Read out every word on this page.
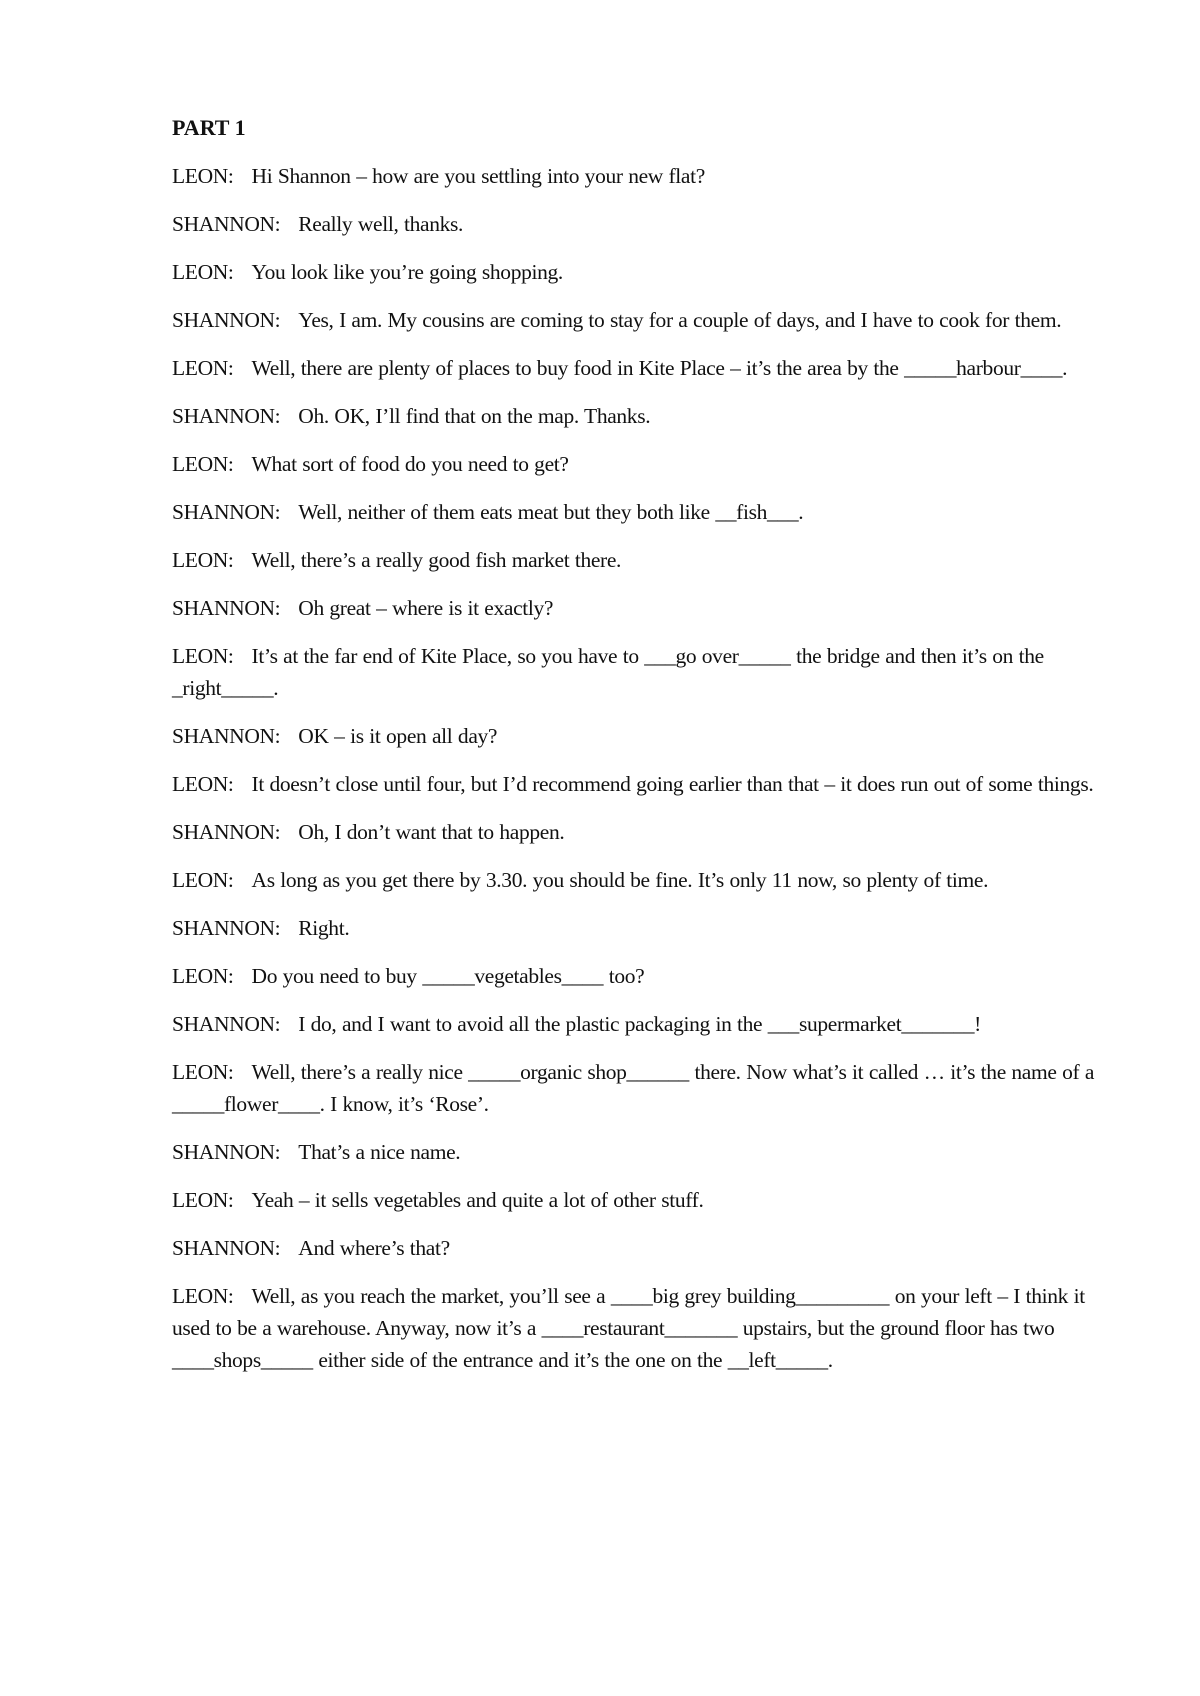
PART 1

LEON: Hi Shannon – how are you settling into your new flat?

SHANNON: Really well, thanks.

LEON: You look like you’re going shopping.

SHANNON: Yes, I am. My cousins are coming to stay for a couple of days, and I have to cook for them.

LEON: Well, there are plenty of places to buy food in Kite Place – it’s the area by the _____harbour____.

SHANNON: Oh. OK, I’ll find that on the map. Thanks.

LEON: What sort of food do you need to get?

SHANNON: Well, neither of them eats meat but they both like __fish___.

LEON: Well, there’s a really good fish market there.

SHANNON: Oh great – where is it exactly?

LEON: It’s at the far end of Kite Place, so you have to ___go over_____ the bridge and then it’s on the _right_____.

SHANNON: OK – is it open all day?

LEON: It doesn’t close until four, but I’d recommend going earlier than that – it does run out of some things.

SHANNON: Oh, I don’t want that to happen.

LEON: As long as you get there by 3.30. you should be fine. It’s only 11 now, so plenty of time.

SHANNON: Right.

LEON: Do you need to buy _____vegetables____ too?

SHANNON: I do, and I want to avoid all the plastic packaging in the ___supermarket_______!

LEON: Well, there’s a really nice _____organic shop______ there. Now what’s it called … it’s the name of a _____flower____. I know, it’s ‘Rose’.

SHANNON: That’s a nice name.

LEON: Yeah – it sells vegetables and quite a lot of other stuff.

SHANNON: And where’s that?

LEON: Well, as you reach the market, you’ll see a ____big grey building_________ on your left – I think it used to be a warehouse. Anyway, now it’s a ____restaurant_______ upstairs, but the ground floor has two ____shops_____ either side of the entrance and it’s the one on the __left_____.
